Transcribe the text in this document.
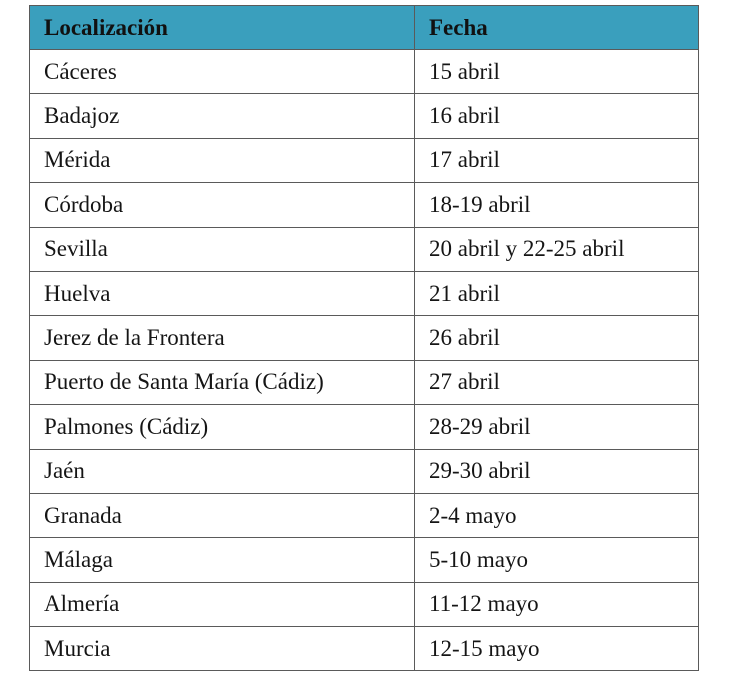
Localización	Fecha
Cáceres	15 abril
Badajoz	16 abril
Mérida	17 abril
Córdoba	18-19 abril
Sevilla	20 abril y 22-25 abril
Huelva	21 abril
Jerez de la Frontera	26 abril
Puerto de Santa María (Cádiz)	27 abril
Palmones (Cádiz)	28-29 abril
Jaén	29-30 abril
Granada	2-4 mayo
Málaga	5-10 mayo
Almería	11-12 mayo
Murcia	12-15 mayo
